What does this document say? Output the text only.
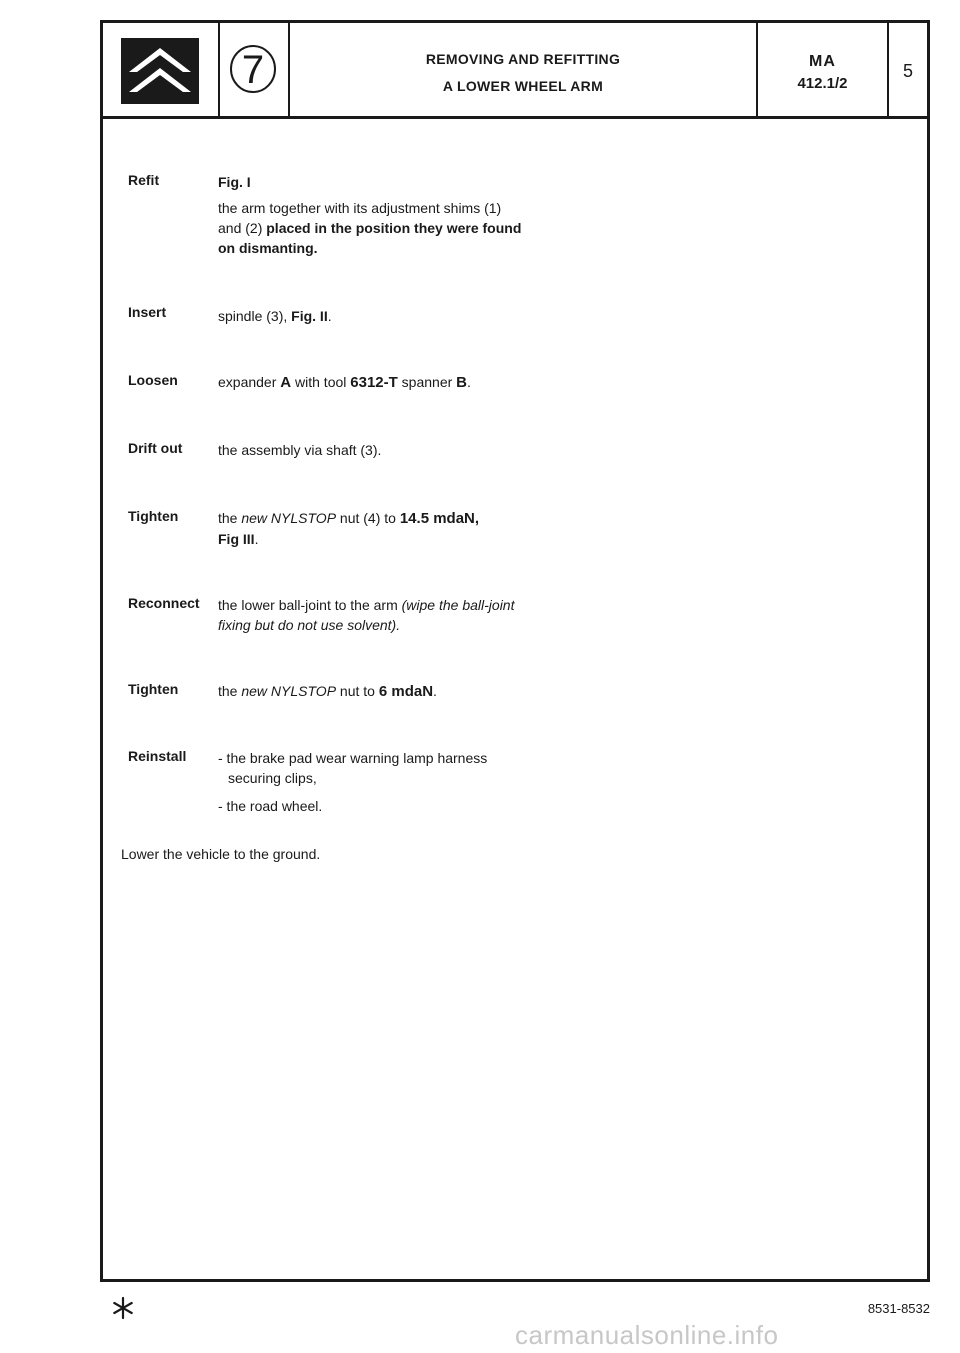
7	REMOVING AND REFITTING
A LOWER WHEEL ARM
MA
412.1/2
5
Refit	Fig. I
the arm together with its adjustment shims (1) and (2) placed in the position they were found on dismanting.
Insert	spindle (3), Fig. II.
Loosen	expander A with tool 6312-T spanner B.
Drift out	the assembly via shaft (3).
Tighten	the new NYLSTOP nut (4) to 14.5 mdaN,
Fig III.
Reconnect the lower ball-joint to the arm (wipe the ball-joint fixing but do not use solvent).
Tighten	the new NYLSTOP nut to 6 mdaN.
Reinstall - the brake pad wear warning lamp harness
securing clips,
- the road wheel.
Lower the vehicle to the ground.
8531-8532
carmanualsonline.info
